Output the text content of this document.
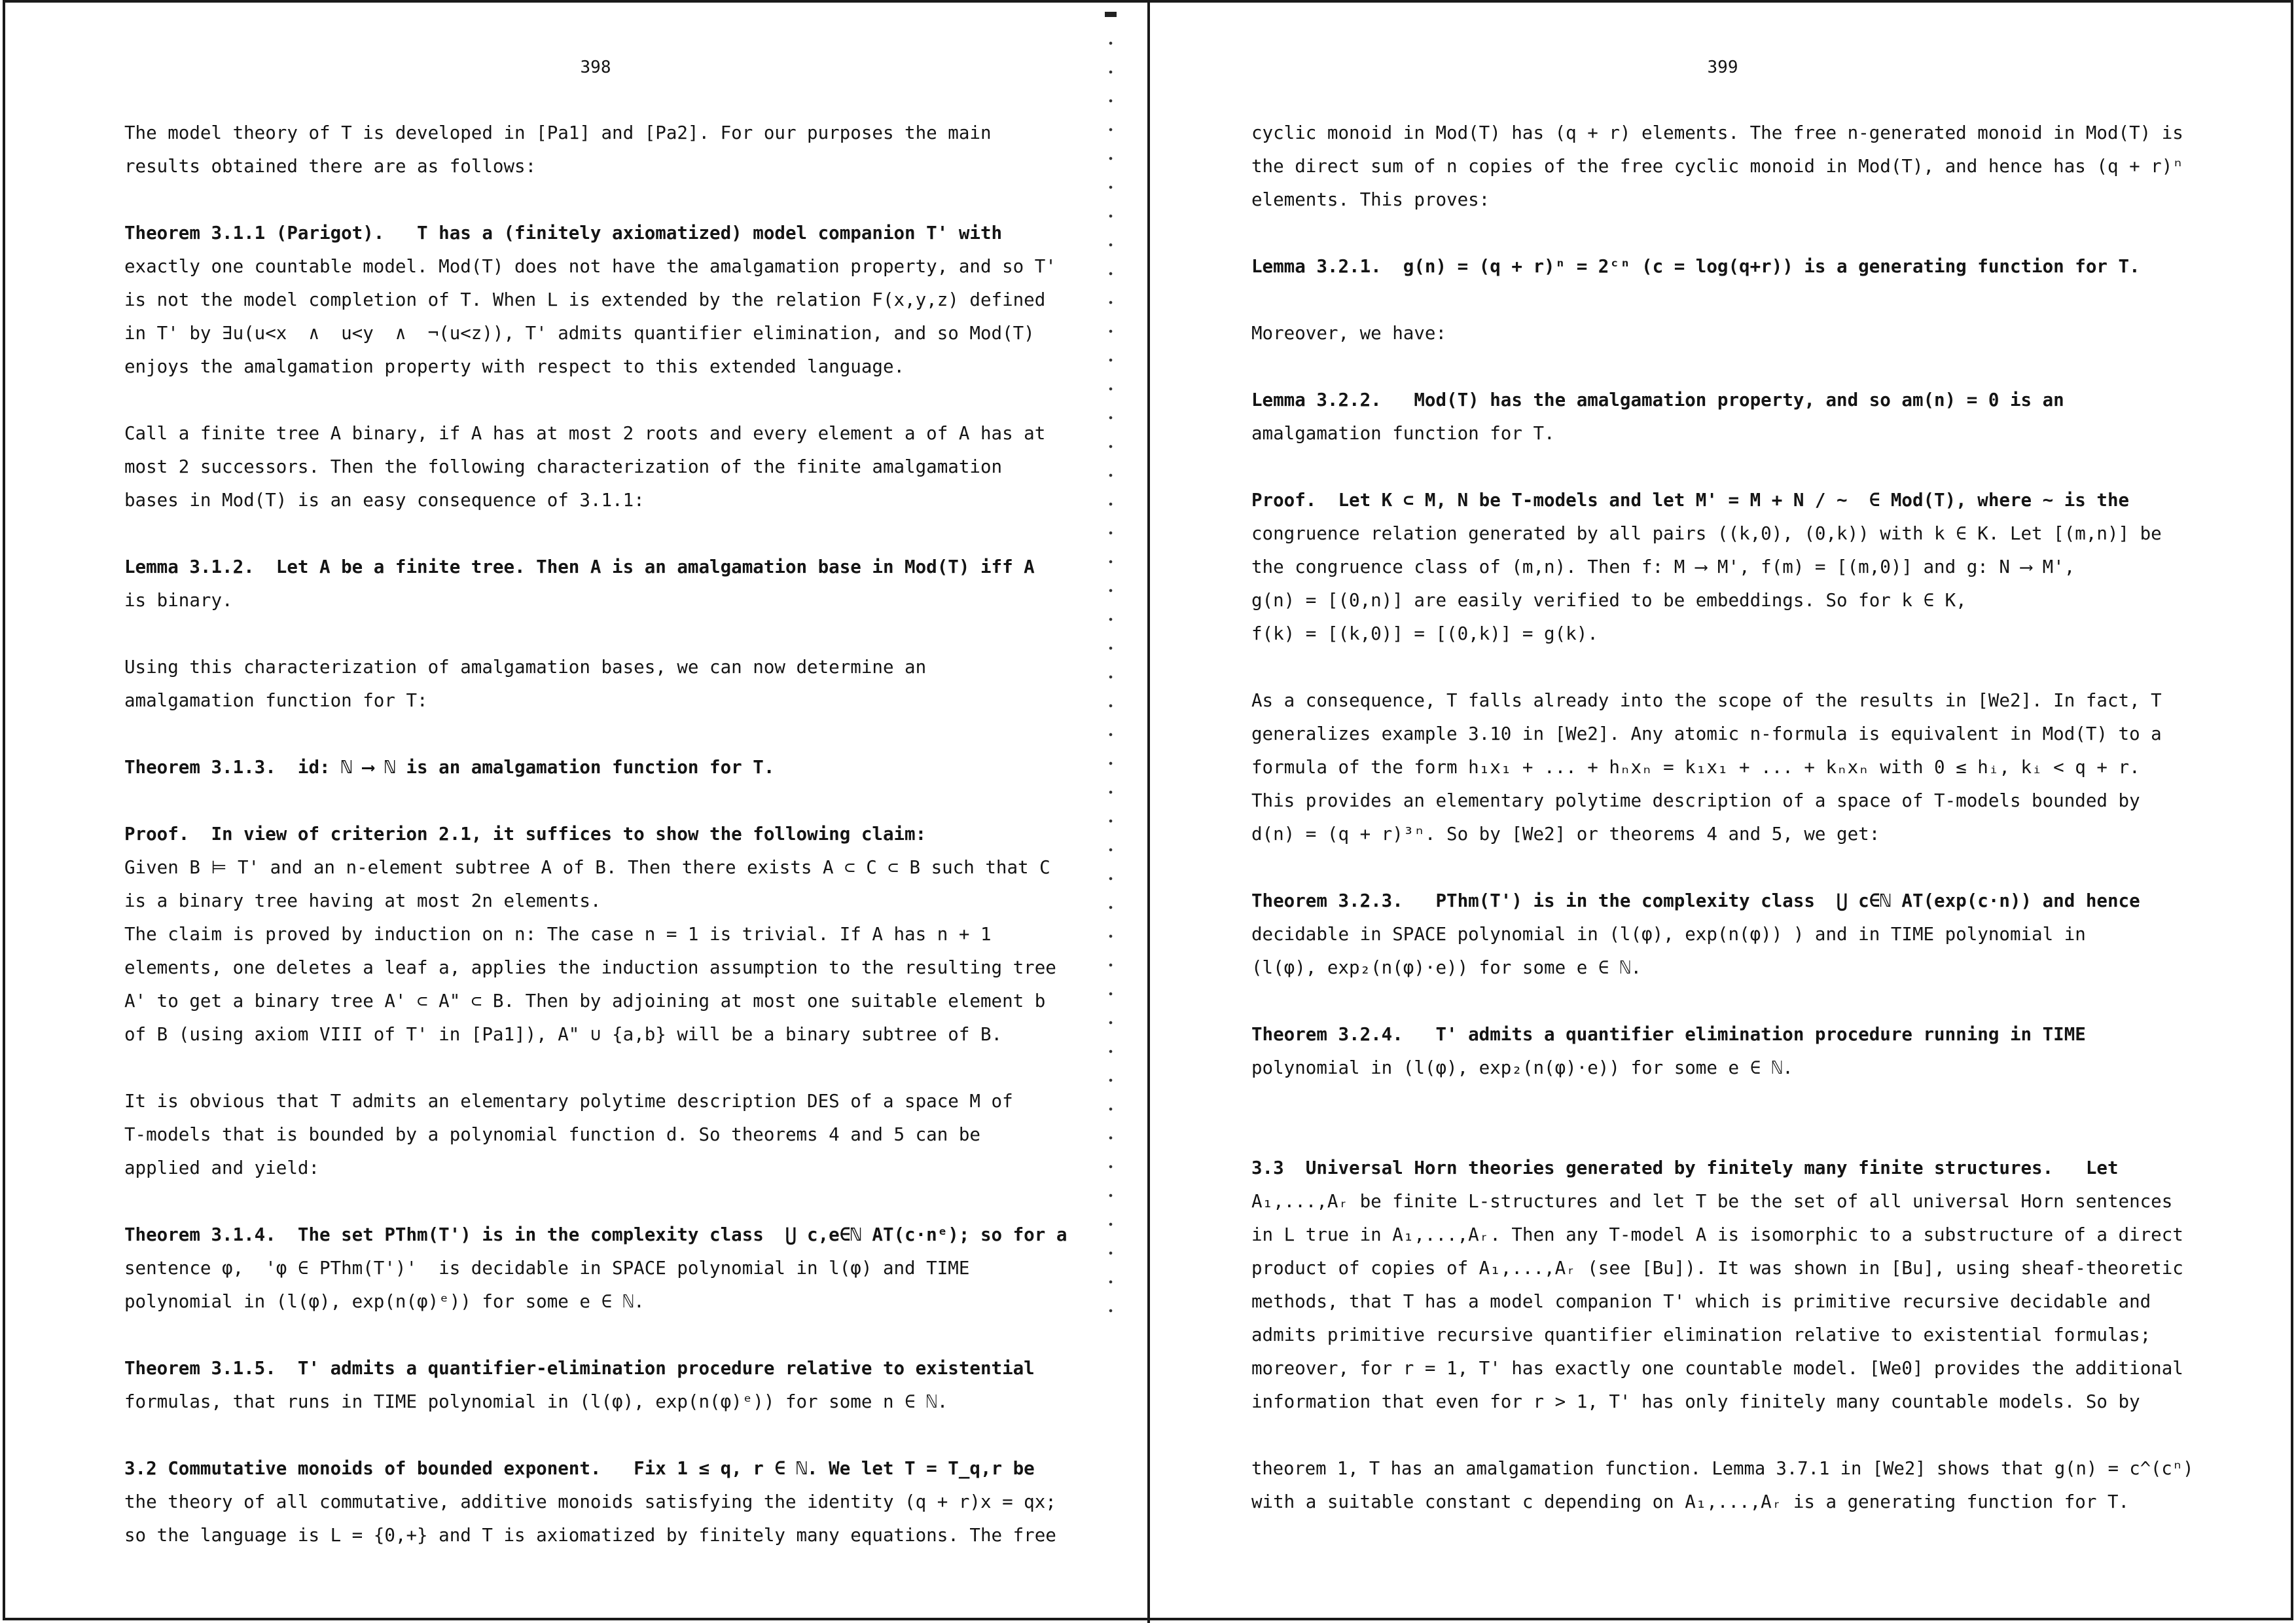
398
The model theory of T is developed in [Pa1] and [Pa2]. For our purposes the main
results obtained there are as follows:

Theorem 3.1.1 (Parigot).   T has a (finitely axiomatized) model companion T' with
exactly one countable model. Mod(T) does not have the amalgamation property, and so T'
is not the model completion of T. When L is extended by the relation F(x,y,z) defined
in T' by ∃u(u<x  ∧  u<y  ∧  ¬(u<z)), T' admits quantifier elimination, and so Mod(T)
enjoys the amalgamation property with respect to this extended language.

Call a finite tree A binary, if A has at most 2 roots and every element a of A has at
most 2 successors. Then the following characterization of the finite amalgamation
bases in Mod(T) is an easy consequence of 3.1.1:

Lemma 3.1.2.  Let A be a finite tree. Then A is an amalgamation base in Mod(T) iff A
is binary.

Using this characterization of amalgamation bases, we can now determine an
amalgamation function for T:

Theorem 3.1.3.  id: ℕ ⟶ ℕ is an amalgamation function for T.

Proof.  In view of criterion 2.1, it suffices to show the following claim:
Given B ⊨ T' and an n-element subtree A of B. Then there exists A ⊂ C ⊂ B such that C
is a binary tree having at most 2n elements.
The claim is proved by induction on n: The case n = 1 is trivial. If A has n + 1
elements, one deletes a leaf a, applies the induction assumption to the resulting tree
A' to get a binary tree A' ⊂ A" ⊂ B. Then by adjoining at most one suitable element b
of B (using axiom VIII of T' in [Pa1]), A" ∪ {a,b} will be a binary subtree of B.

It is obvious that T admits an elementary polytime description DES of a space M of
T-models that is bounded by a polynomial function d. So theorems 4 and 5 can be
applied and yield:

Theorem 3.1.4.  The set PThm(T') is in the complexity class  ⋃ c,e∈ℕ AT(c·nᵉ); so for a
sentence φ,  'φ ∈ PThm(T')'  is decidable in SPACE polynomial in l(φ) and TIME
polynomial in (l(φ), exp(n(φ)ᵉ)) for some e ∈ ℕ.

Theorem 3.1.5.  T' admits a quantifier-elimination procedure relative to existential
formulas, that runs in TIME polynomial in (l(φ), exp(n(φ)ᵉ)) for some n ∈ ℕ.

3.2 Commutative monoids of bounded exponent.   Fix 1 ≤ q, r ∈ ℕ. We let T = T_q,r be
the theory of all commutative, additive monoids satisfying the identity (q + r)x = qx;
so the language is L = {0,+} and T is axiomatized by finitely many equations. The free
399
cyclic monoid in Mod(T) has (q + r) elements. The free n-generated monoid in Mod(T) is
the direct sum of n copies of the free cyclic monoid in Mod(T), and hence has (q + r)ⁿ
elements. This proves:

Lemma 3.2.1.  g(n) = (q + r)ⁿ = 2ᶜⁿ (c = log(q+r)) is a generating function for T.

Moreover, we have:

Lemma 3.2.2.   Mod(T) has the amalgamation property, and so am(n) = 0 is an
amalgamation function for T.

Proof.  Let K ⊂ M, N be T-models and let M' = M + N / ~  ∈ Mod(T), where ~ is the
congruence relation generated by all pairs ((k,0), (0,k)) with k ∈ K. Let [(m,n)] be
the congruence class of (m,n). Then f: M ⟶ M', f(m) = [(m,0)] and g: N ⟶ M',
g(n) = [(0,n)] are easily verified to be embeddings. So for k ∈ K,
f(k) = [(k,0)] = [(0,k)] = g(k).

As a consequence, T falls already into the scope of the results in [We2]. In fact, T
generalizes example 3.10 in [We2]. Any atomic n-formula is equivalent in Mod(T) to a
formula of the form h₁x₁ + ... + hₙxₙ = k₁x₁ + ... + kₙxₙ with 0 ≤ hᵢ, kᵢ < q + r.
This provides an elementary polytime description of a space of T-models bounded by
d(n) = (q + r)³ⁿ. So by [We2] or theorems 4 and 5, we get:

Theorem 3.2.3.   PThm(T') is in the complexity class  ⋃ c∈ℕ AT(exp(c·n)) and hence
decidable in SPACE polynomial in (l(φ), exp(n(φ)) ) and in TIME polynomial in
(l(φ), exp₂(n(φ)·e)) for some e ∈ ℕ.

Theorem 3.2.4.   T' admits a quantifier elimination procedure running in TIME
polynomial in (l(φ), exp₂(n(φ)·e)) for some e ∈ ℕ.

3.3  Universal Horn theories generated by finitely many finite structures.   Let
A₁,...,Aᵣ be finite L-structures and let T be the set of all universal Horn sentences
in L true in A₁,...,Aᵣ. Then any T-model A is isomorphic to a substructure of a direct
product of copies of A₁,...,Aᵣ (see [Bu]). It was shown in [Bu], using sheaf-theoretic
methods, that T has a model companion T' which is primitive recursive decidable and
admits primitive recursive quantifier elimination relative to existential formulas;
moreover, for r = 1, T' has exactly one countable model. [We0] provides the additional
information that even for r > 1, T' has only finitely many countable models. So by

theorem 1, T has an amalgamation function. Lemma 3.7.1 in [We2] shows that g(n) = c^(cⁿ)
with a suitable constant c depending on A₁,...,Aᵣ is a generating function for T.
